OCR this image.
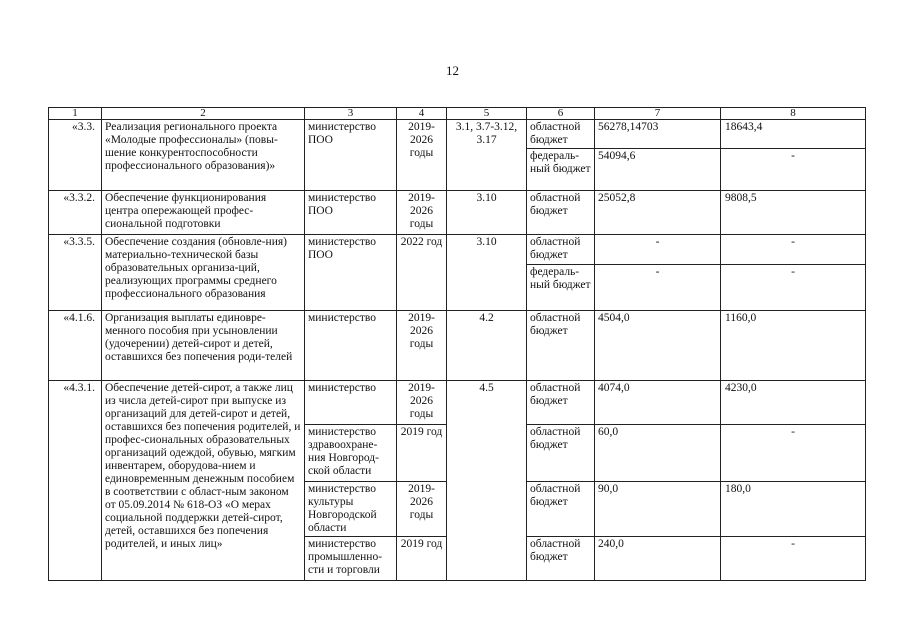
12
1	2	3	4	5	6	7	8
«3.3.	Реализация регионального проекта «Молодые профессионалы» (повы-шение конкурентоспособности профессионального образования)»	министерство ПОО	2019-2026 годы	3.1, 3.7-3.12, 3.17	областной бюджет	56278,14703	18643,4
					федераль-ный бюджет	54094,6	-
«3.3.2.	Обеспечение функционирования центра опережающей профес-сиональной подготовки	министерство ПОО	2019-2026 годы	3.10	областной бюджет	25052,8	9808,5
«3.3.5.	Обеспечение создания (обновле-ния) материально-технической базы образовательных организа-ций, реализующих программы среднего профессионального образования	министерство ПОО	2022 год	3.10	областной бюджет	-	-
					федераль-ный бюджет	-	-
«4.1.6.	Организация выплаты единовре-менного пособия при усыновлении (удочерении) детей-сирот и детей, оставшихся без попечения роди-телей	министерство	2019-2026 годы	4.2	областной бюджет	4504,0	1160,0
«4.3.1.	Обеспечение детей-сирот, а также лиц из числа детей-сирот при выпуске из организаций для детей-сирот и детей, оставшихся без попечения родителей, и профес-сиональных образовательных организаций одеждой, обувью, мягким инвентарем, оборудова-нием и единовременным денежным пособием в соответствии с област-ным законом от 05.09.2014 № 618-ОЗ «О мерах социальной поддержки детей-сирот, детей, оставшихся без попечения родителей, и иных лиц»	министерство	2019-2026 годы	4.5	областной бюджет	4074,0	4230,0
		министерство здравоохране-ния Новгород-ской области	2019 год		областной бюджет	60,0	-
		министерство культуры Новгородской области	2019-2026 годы		областной бюджет	90,0	180,0
		министерство промышленно-сти и торговли	2019 год		областной бюджет	240,0	-
